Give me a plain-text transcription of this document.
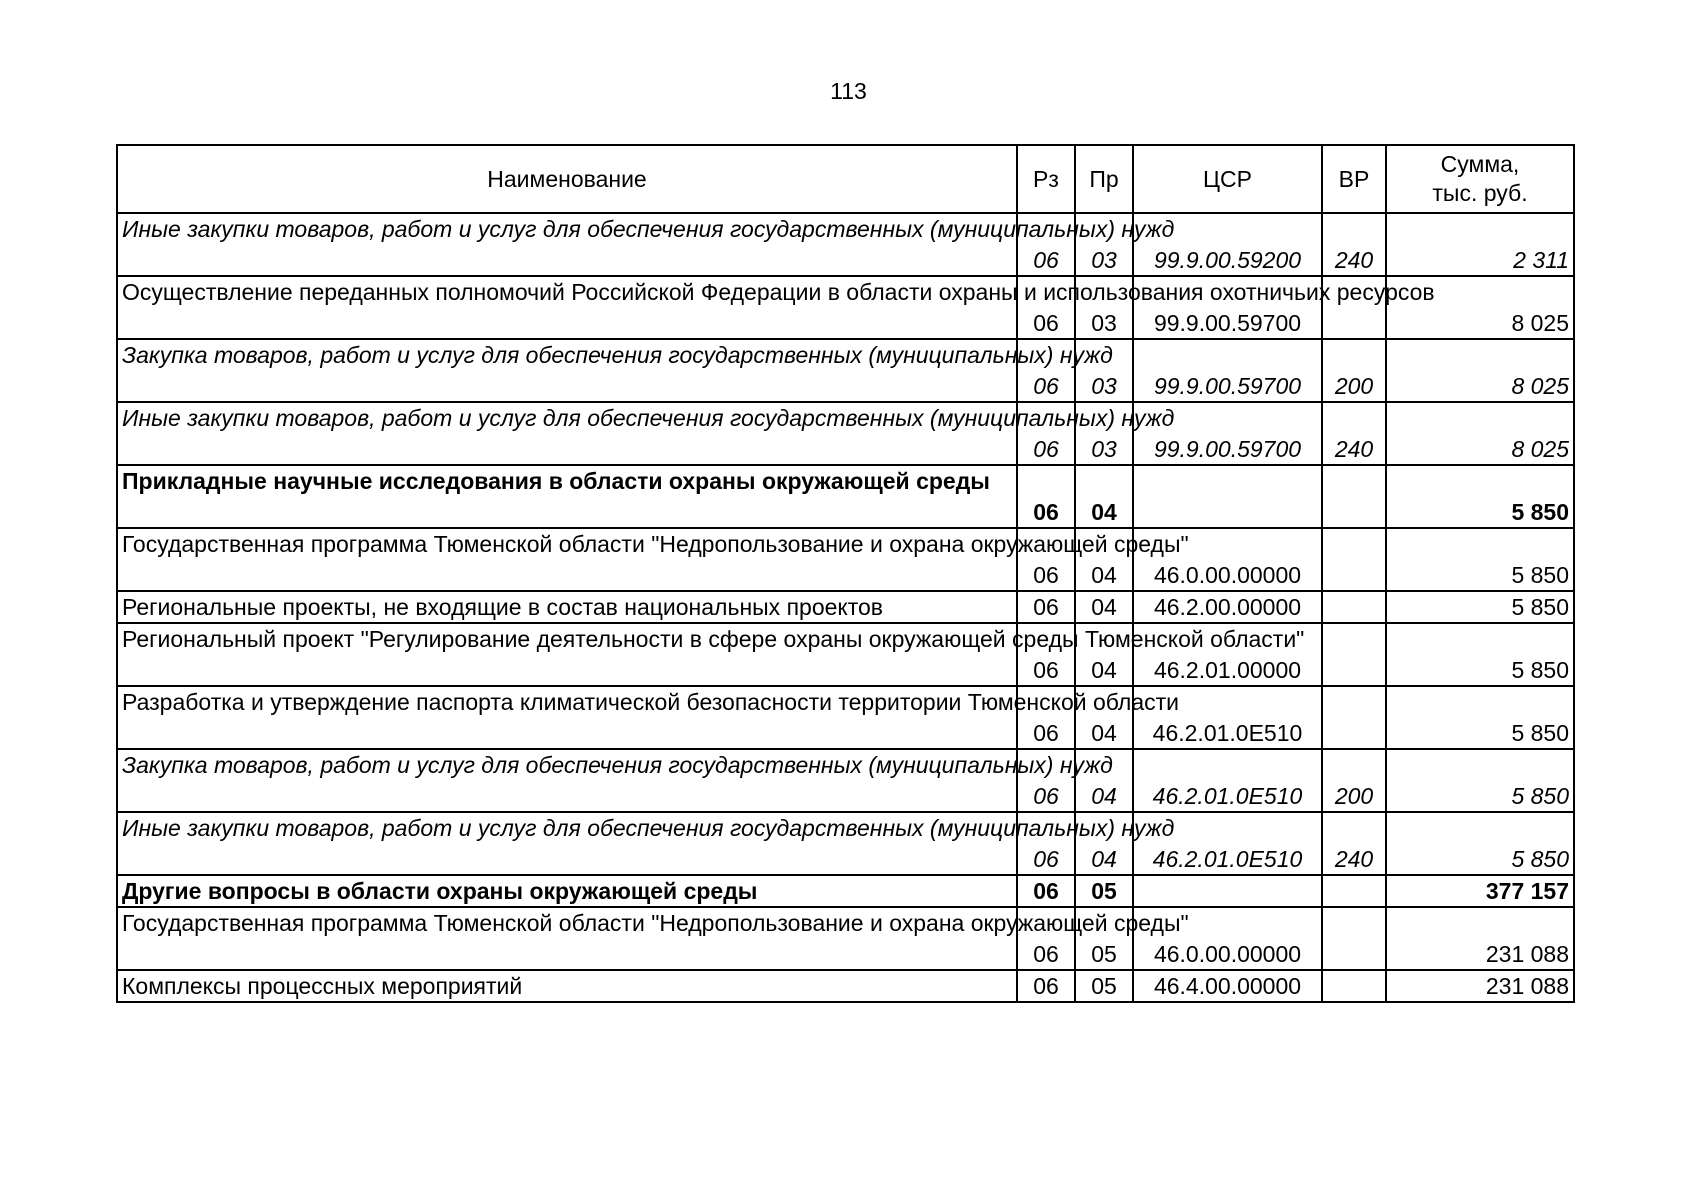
113
Наименование	Рз	Пр	ЦСР	ВР	Сумма,
тыс. руб.
Иные закупки товаров, работ и услуг для обеспечения государственных (муниципальных) нужд	06	03	99.9.00.59200	240	2 311
Осуществление переданных полномочий Российской Федерации в области охраны и использования охотничьих ресурсов	06	03	99.9.00.59700		8 025
Закупка товаров, работ и услуг для обеспечения государственных (муниципальных) нужд	06	03	99.9.00.59700	200	8 025
Иные закупки товаров, работ и услуг для обеспечения государственных (муниципальных) нужд	06	03	99.9.00.59700	240	8 025
Прикладные научные исследования в области охраны окружающей среды	06	04			5 850
Государственная программа Тюменской области "Недропользование и охрана окружающей среды"	06	04	46.0.00.00000		5 850
Региональные проекты, не входящие в состав национальных проектов	06	04	46.2.00.00000		5 850
Региональный проект "Регулирование деятельности в сфере охраны окружающей среды Тюменской области"	06	04	46.2.01.00000		5 850
Разработка и утверждение паспорта климатической безопасности территории Тюменской области	06	04	46.2.01.0Е510		5 850
Закупка товаров, работ и услуг для обеспечения государственных (муниципальных) нужд	06	04	46.2.01.0Е510	200	5 850
Иные закупки товаров, работ и услуг для обеспечения государственных (муниципальных) нужд	06	04	46.2.01.0Е510	240	5 850
Другие вопросы в области охраны окружающей среды	06	05			377 157
Государственная программа Тюменской области "Недропользование и охрана окружающей среды"	06	05	46.0.00.00000		231 088
Комплексы процессных мероприятий	06	05	46.4.00.00000		231 088
